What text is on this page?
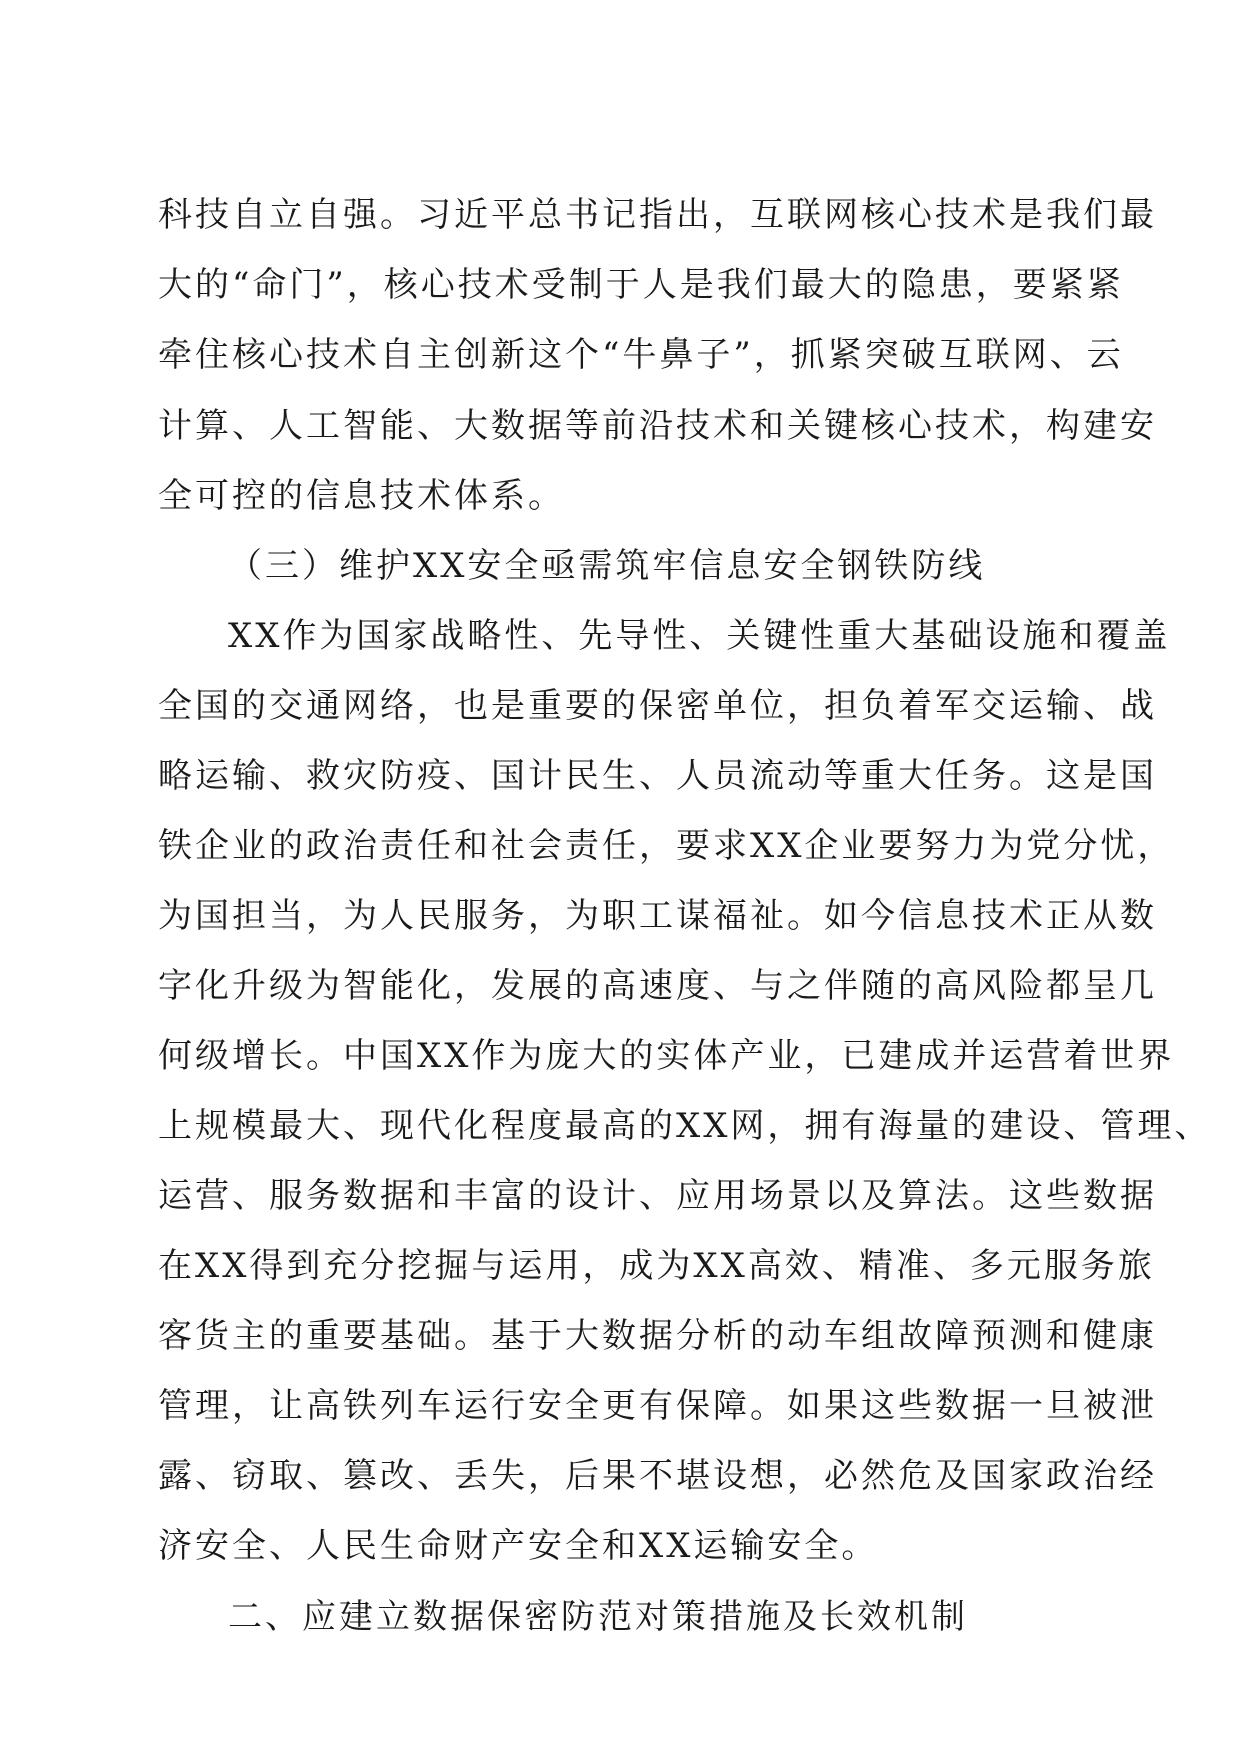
科技自立自强。习近平总书记指出，互联网核心技术是我们最
大的“命门”，核心技术受制于人是我们最大的隐患，要紧紧
牵住核心技术自主创新这个“牛鼻子”，抓紧突破互联网、云
计算、人工智能、大数据等前沿技术和关键核心技术，构建安
全可控的信息技术体系。
（三）维护XX安全亟需筑牢信息安全钢铁防线
XX作为国家战略性、先导性、关键性重大基础设施和覆盖
全国的交通网络，也是重要的保密单位，担负着军交运输、战
略运输、救灾防疫、国计民生、人员流动等重大任务。这是国
铁企业的政治责任和社会责任，要求XX企业要努力为党分忧，
为国担当，为人民服务，为职工谋福祉。如今信息技术正从数
字化升级为智能化，发展的高速度、与之伴随的高风险都呈几
何级增长。中国XX作为庞大的实体产业，已建成并运营着世界
上规模最大、现代化程度最高的XX网，拥有海量的建设、管理、
运营、服务数据和丰富的设计、应用场景以及算法。这些数据
在XX得到充分挖掘与运用，成为XX高效、精准、多元服务旅
客货主的重要基础。基于大数据分析的动车组故障预测和健康
管理，让高铁列车运行安全更有保障。如果这些数据一旦被泄
露、窃取、篡改、丢失，后果不堪设想，必然危及国家政治经
济安全、人民生命财产安全和XX运输安全。
二、应建立数据保密防范对策措施及长效机制
